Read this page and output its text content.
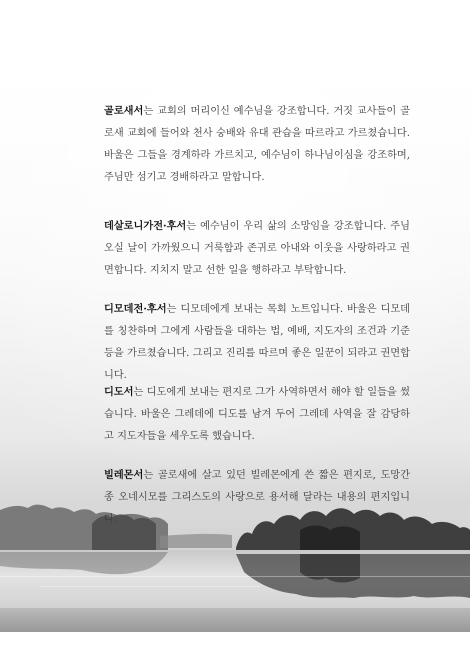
골로새서는 교회의 머리이신 예수님을 강조합니다. 거짓 교사들이 골로새 교회에 들어와 천사 숭배와 유대 관습을 따르라고 가르쳤습니다. 바울은 그들을 경계하라 가르치고, 예수님이 하나님이심을 강조하며, 주님만 섬기고 경배하라고 말합니다.

데살로니가전·후서는 예수님이 우리 삶의 소망임을 강조합니다. 주님 오실 날이 가까웠으니 거룩함과 존귀로 아내와 이웃을 사랑하라고 권면합니다. 지치지 말고 선한 일을 행하라고 부탁합니다.

디모데전·후서는 디모데에게 보내는 목회 노트입니다. 바울은 디모데를 칭찬하며 그에게 사람들을 대하는 법, 예배, 지도자의 조건과 기준 등을 가르쳤습니다. 그리고 진리를 따르며 좋은 일꾼이 되라고 권면합니다.

디도서는 디도에게 보내는 편지로 그가 사역하면서 해야 할 일들을 썼습니다. 바울은 그레데에 디도를 남겨 두어 그레데 사역을 잘 감당하고 지도자들을 세우도록 했습니다.

빌레몬서는 골로새에 살고 있던 빌레몬에게 쓴 짧은 편지로, 도망간 종 오네시모를 그리스도의 사랑으로 용서해 달라는 내용의 편지입니다.
